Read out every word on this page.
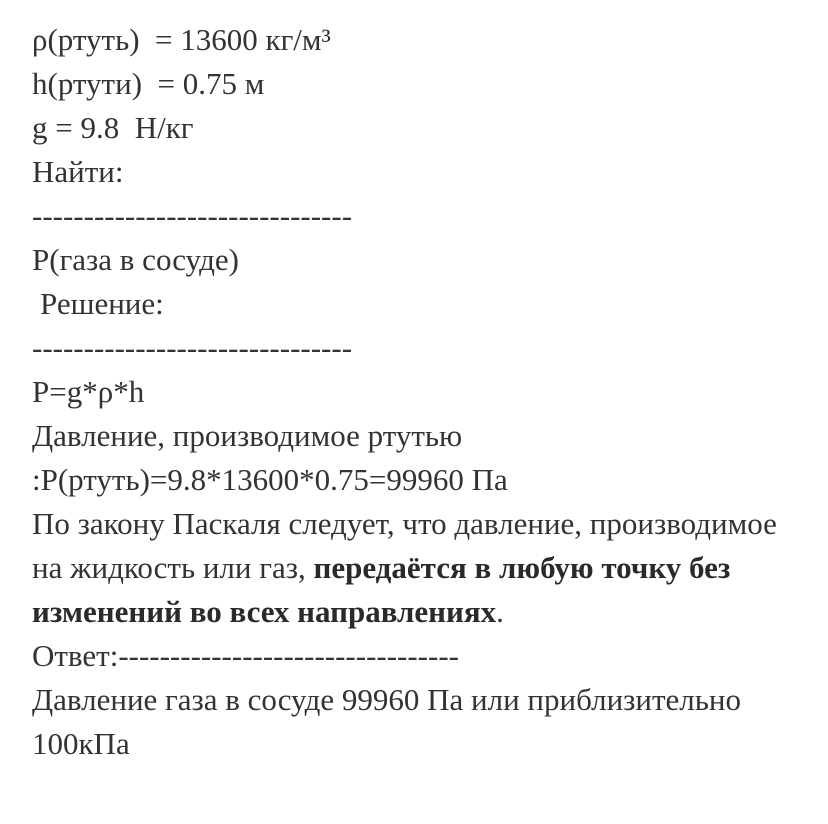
ρ(ртуть)  = 13600 кг/м³
h(ртути)  = 0.75 м
g = 9.8  Н/кг
Найти:
-------------------------------
P(газа в сосуде)
Решение:
-------------------------------
P=g*ρ*h
Давление, производимое ртутью
:P(ртуть)=9.8*13600*0.75=99960 Па
По закону Паскаля следует, что давление, производимое на жидкость или газ, передаётся в любую точку без изменений во всех направлениях.
Ответ:---------------------------------
Давление газа в сосуде 99960 Па или приблизительно 100кПа
